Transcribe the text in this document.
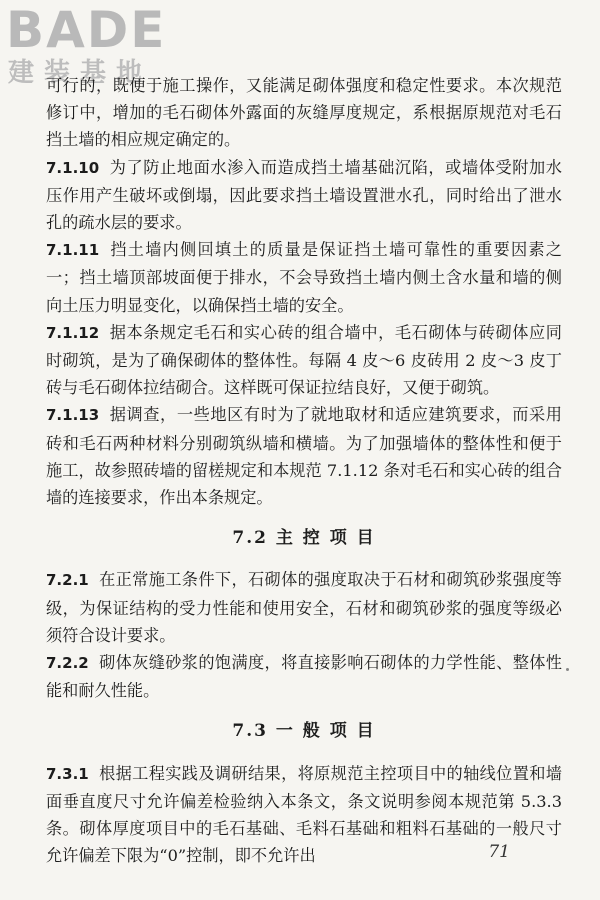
BADE
建装基地

可行的，既便于施工操作，又能满足砌体强度和稳定性要求。本次规范修订中，增加的毛石砌体外露面的灰缝厚度规定，系根据原规范对毛石挡土墙的相应规定确定的。

7.1.10 为了防止地面水渗入而造成挡土墙基础沉陷，或墙体受附加水压作用产生破坏或倒塌，因此要求挡土墙设置泄水孔，同时给出了泄水孔的疏水层的要求。

7.1.11 挡土墙内侧回填土的质量是保证挡土墙可靠性的重要因素之一；挡土墙顶部坡面便于排水，不会导致挡土墙内侧土含水量和墙的侧向土压力明显变化，以确保挡土墙的安全。

7.1.12 据本条规定毛石和实心砖的组合墙中，毛石砌体与砖砌体应同时砌筑，是为了确保砌体的整体性。每隔 4 皮～6 皮砖用 2 皮～3 皮丁砖与毛石砌体拉结砌合。这样既可保证拉结良好，又便于砌筑。

7.1.13 据调查，一些地区有时为了就地取材和适应建筑要求，而采用砖和毛石两种材料分别砌筑纵墙和横墙。为了加强墙体的整体性和便于施工，故参照砖墙的留槎规定和本规范 7.1.12 条对毛石和实心砖的组合墙的连接要求，作出本条规定。

7.2 主 控 项 目

7.2.1 在正常施工条件下，石砌体的强度取决于石材和砌筑砂浆强度等级，为保证结构的受力性能和使用安全，石材和砌筑砂浆的强度等级必须符合设计要求。

7.2.2 砌体灰缝砂浆的饱满度，将直接影响石砌体的力学性能、整体性能和耐久性能。

7.3 一 般 项 目

7.3.1 根据工程实践及调研结果，将原规范主控项目中的轴线位置和墙面垂直度尺寸允许偏差检验纳入本条文，条文说明参阅本规范第 5.3.3 条。砌体厚度项目中的毛石基础、毛料石基础和粗料石基础的一般尺寸允许偏差下限为“0”控制，即不允许出	71
